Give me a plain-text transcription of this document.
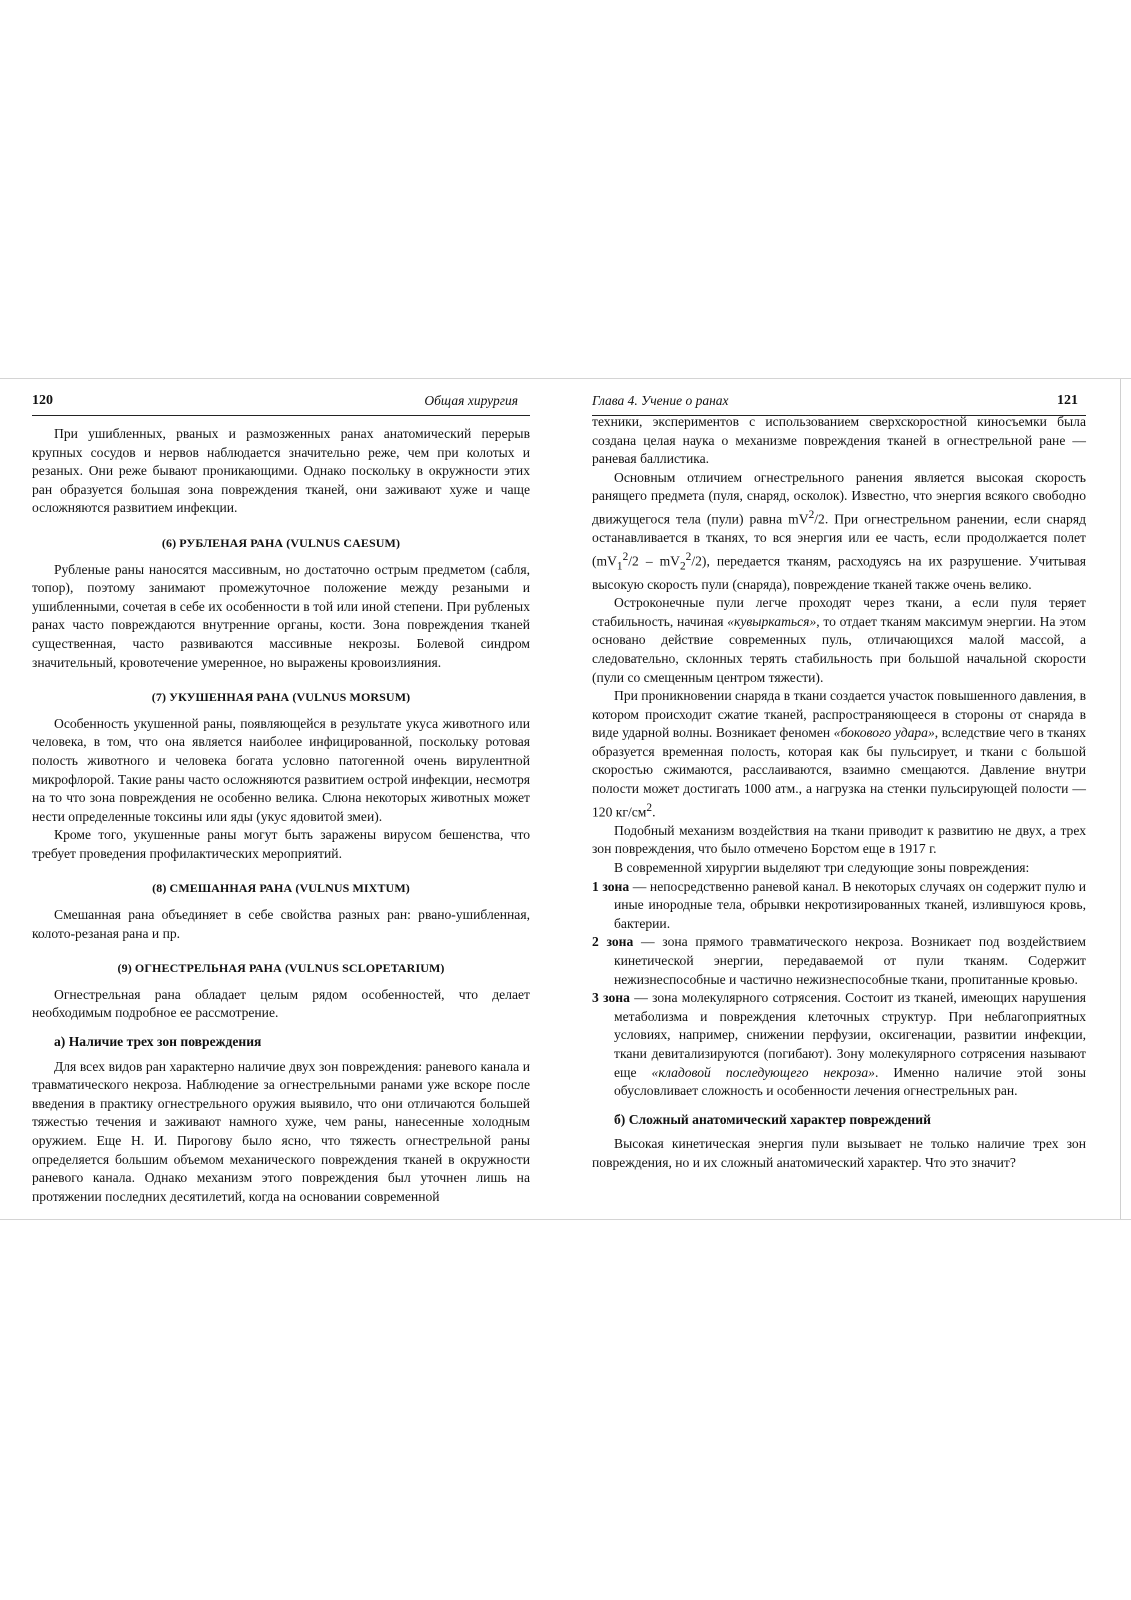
120	Общая хирургия

При ушибленных, рваных и размозженных ранах анатомический перерыв крупных сосудов и нервов наблюдается значительно реже, чем при колотых и резаных. Они реже бывают проникающими. Однако поскольку в окружности этих ран образуется большая зона повреждения тканей, они заживают хуже и чаще осложняются развитием инфекции.

(6) РУБЛЕНАЯ РАНА (VULNUS CAESUM)

Рубленые раны наносятся массивным, но достаточно острым предметом (сабля, топор), поэтому занимают промежуточное положение между резаными и ушибленными, сочетая в себе их особенности в той или иной степени. При рубленых ранах часто повреждаются внутренние органы, кости. Зона повреждения тканей существенная, часто развиваются массивные некрозы. Болевой синдром значительный, кровотечение умеренное, но выражены кровоизлияния.

(7) УКУШЕННАЯ РАНА (VULNUS MORSUM)

Особенность укушенной раны, появляющейся в результате укуса животного или человека, в том, что она является наиболее инфицированной, поскольку ротовая полость животного и человека богата условно патогенной очень вирулентной микрофлорой. Такие раны часто осложняются развитием острой инфекции, несмотря на то что зона повреждения не особенно велика. Слюна некоторых животных может нести определенные токсины или яды (укус ядовитой змеи).

Кроме того, укушенные раны могут быть заражены вирусом бешенства, что требует проведения профилактических мероприятий.

(8) СМЕШАННАЯ РАНА (VULNUS MIXTUM)

Смешанная рана объединяет в себе свойства разных ран: рвано-ушибленная, колото-резаная рана и пр.

(9) ОГНЕСТРЕЛЬНАЯ РАНА (VULNUS SCLOPETARIUM)

Огнестрельная рана обладает целым рядом особенностей, что делает необходимым подробное ее рассмотрение.

а) Наличие трех зон повреждения

Для всех видов ран характерно наличие двух зон повреждения: раневого канала и травматического некроза. Наблюдение за огнестрельными ранами уже вскоре после введения в практику огнестрельного оружия выявило, что они отличаются большей тяжестью течения и заживают намного хуже, чем раны, нанесенные холодным оружием. Еще Н. И. Пирогову было ясно, что тяжесть огнестрельной раны определяется большим объемом механического повреждения тканей в окружности раневого канала. Однако механизм этого повреждения был уточнен лишь на протяжении последних десятилетий, когда на основании современной

Глава 4. Учение о ранах	121

техники, экспериментов с использованием сверхскоростной киносъемки была создана целая наука о механизме повреждения тканей в огнестрельной ране — раневая баллистика.

Основным отличием огнестрельного ранения является высокая скорость ранящего предмета (пуля, снаряд, осколок). Известно, что энергия всякого свободно движущегося тела (пули) равна $mV^2/2$. При огнестрельном ранении, если снаряд останавливается в тканях, то вся энергия или ее часть, если продолжается полет $(mV_1^2/2 - mV_2^2/2)$, передается тканям, расходуясь на их разрушение. Учитывая высокую скорость пули (снаряда), повреждение тканей также очень велико.

Остроконечные пули легче проходят через ткани, а если пуля теряет стабильность, начиная «кувыркаться», то отдает тканям максимум энергии. На этом основано действие современных пуль, отличающихся малой массой, а следовательно, склонных терять стабильность при большой начальной скорости (пули со смещенным центром тяжести).

При проникновении снаряда в ткани создается участок повышенного давления, в котором происходит сжатие тканей, распространяющееся в стороны от снаряда в виде ударной волны. Возникает феномен «бокового удара», вследствие чего в тканях образуется временная полость, которая как бы пульсирует, и ткани с большой скоростью сжимаются, расслаиваются, взаимно смещаются. Давление внутри полости может достигать 1000 атм., а нагрузка на стенки пульсирующей полости — 120 $кг/см^2$.

Подобный механизм воздействия на ткани приводит к развитию не двух, а трех зон повреждения, что было отмечено Борстом еще в 1917 г.

В современной хирургии выделяют три следующие зоны повреждения:

1 зона — непосредственно раневой канал. В некоторых случаях он содержит пулю и иные инородные тела, обрывки некротизированных тканей, излившуюся кровь, бактерии.

2 зона — зона прямого травматического некроза. Возникает под воздействием кинетической энергии, передаваемой от пули тканям. Содержит нежизнеспособные и частично нежизнеспособные ткани, пропитанные кровью.

3 зона — зона молекулярного сотрясения. Состоит из тканей, имеющих нарушения метаболизма и повреждения клеточных структур. При неблагоприятных условиях, например, снижении перфузии, оксигенации, развитии инфекции, ткани девитализируются (погибают). Зону молекулярного сотрясения называют еще «кладовой последующего некроза». Именно наличие этой зоны обусловливает сложность и особенности лечения огнестрельных ран.

б) Сложный анатомический характер повреждений

Высокая кинетическая энергия пули вызывает не только наличие трех зон повреждения, но и их сложный анатомический характер. Что это значит?
